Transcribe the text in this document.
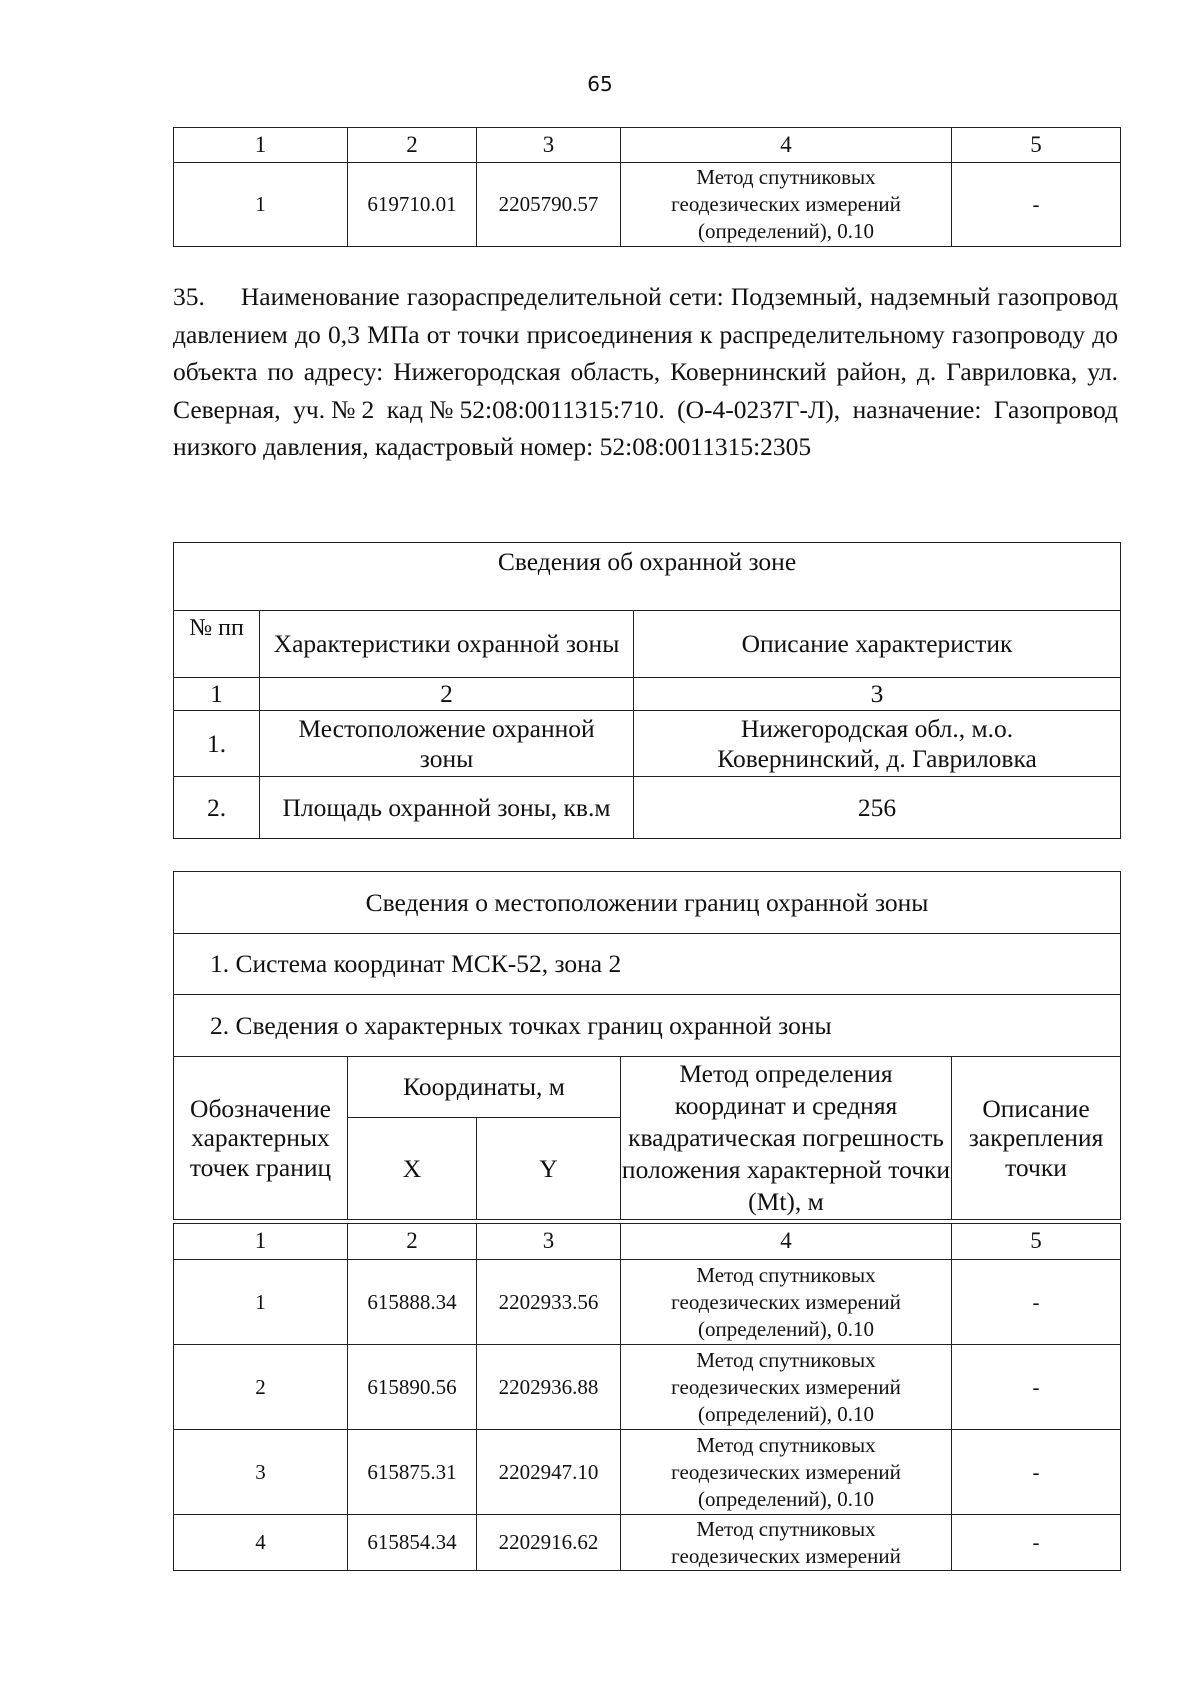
65
1	2	3	4	5
1	619710.01	2205790.57	Метод спутниковых
геодезических измерений
(определений), 0.10	-
35.     Наименование газораспределительной сети: Подземный, надземный газопровод давлением до 0,3 МПа от точки присоединения к распределительному газопроводу до объекта по адресу: Нижегородская область, Ковернинский район, д. Гавриловка, ул. Северная, уч.№2 кад№52:08:0011315:710. (О-4-0237Г-Л), назначение: Газопровод низкого давления, кадастровый номер: 52:08:0011315:2305
Сведения об охранной зоне		
№ пп	Характеристики охранной зоны	Описание характеристик
1	2	3
1.	Местоположение охранной зоны	Нижегородская обл., м.о. Ковернинский, д. Гавриловка
2.	Площадь охранной зоны, кв.м	256
Сведения о местоположении границ охранной зоны				
1. Система координат МСК-52, зона 2				
2. Сведения о характерных точках границ охранной зоны				
Обозначение характерных точек границ	Координаты, м		Метод определения координат и средняя квадратическая погрешность положения характерной точки (Mt), м	Описание закрепления точки
	X	Y		
1	2	3	4	5
1	615888.34	2202933.56	Метод спутниковых
геодезических измерений
(определений), 0.10	-
2	615890.56	2202936.88	Метод спутниковых
геодезических измерений
(определений), 0.10	-
3	615875.31	2202947.10	Метод спутниковых
геодезических измерений
(определений), 0.10	-
4	615854.34	2202916.62	Метод спутниковых
геодезических измерений	-
